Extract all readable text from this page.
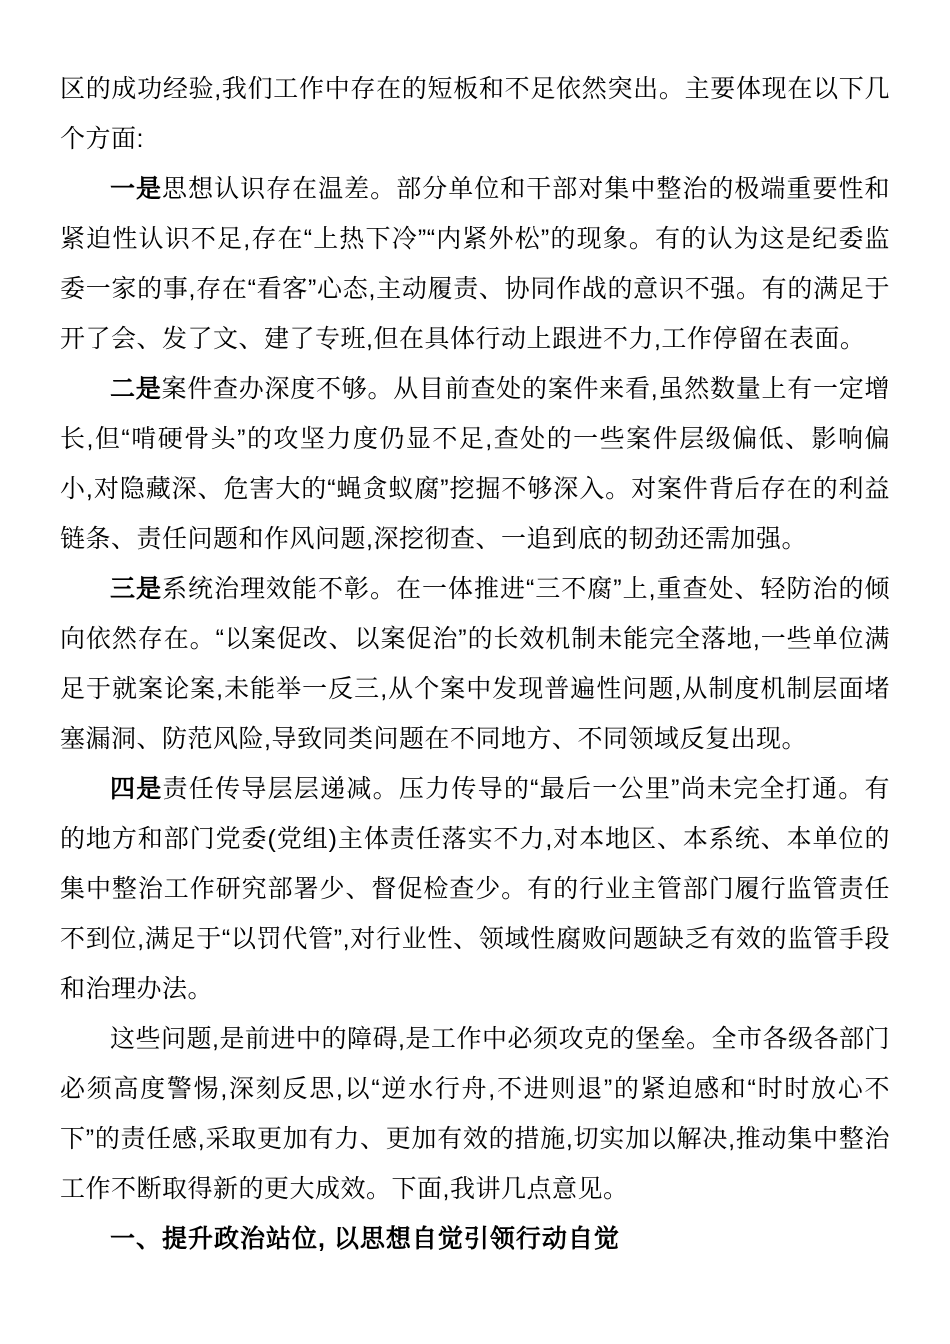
区的成功经验,我们工作中存在的短板和不足依然突出。主要体现在以下几个方面:

一是思想认识存在温差。部分单位和干部对集中整治的极端重要性和紧迫性认识不足,存在“上热下冷”“内紧外松”的现象。有的认为这是纪委监委一家的事,存在“看客”心态,主动履责、协同作战的意识不强。有的满足于开了会、发了文、建了专班,但在具体行动上跟进不力,工作停留在表面。

二是案件查办深度不够。从目前查处的案件来看,虽然数量上有一定增长,但“啃硬骨头”的攻坚力度仍显不足,查处的一些案件层级偏低、影响偏小,对隐藏深、危害大的“蝇贪蚁腐”挖掘不够深入。对案件背后存在的利益链条、责任问题和作风问题,深挖彻查、一追到底的韧劲还需加强。

三是系统治理效能不彰。在一体推进“三不腐”上,重查处、轻防治的倾向依然存在。“以案促改、以案促治”的长效机制未能完全落地,一些单位满足于就案论案,未能举一反三,从个案中发现普遍性问题,从制度机制层面堵塞漏洞、防范风险,导致同类问题在不同地方、不同领域反复出现。

四是责任传导层层递减。压力传导的“最后一公里”尚未完全打通。有的地方和部门党委(党组)主体责任落实不力,对本地区、本系统、本单位的集中整治工作研究部署少、督促检查少。有的行业主管部门履行监管责任不到位,满足于“以罚代管”,对行业性、领域性腐败问题缺乏有效的监管手段和治理办法。

这些问题,是前进中的障碍,是工作中必须攻克的堡垒。全市各级各部门必须高度警惕,深刻反思,以“逆水行舟,不进则退”的紧迫感和“时时放心不下”的责任感,采取更加有力、更加有效的措施,切实加以解决,推动集中整治工作不断取得新的更大成效。下面,我讲几点意见。

一、提升政治站位, 以思想自觉引领行动自觉
